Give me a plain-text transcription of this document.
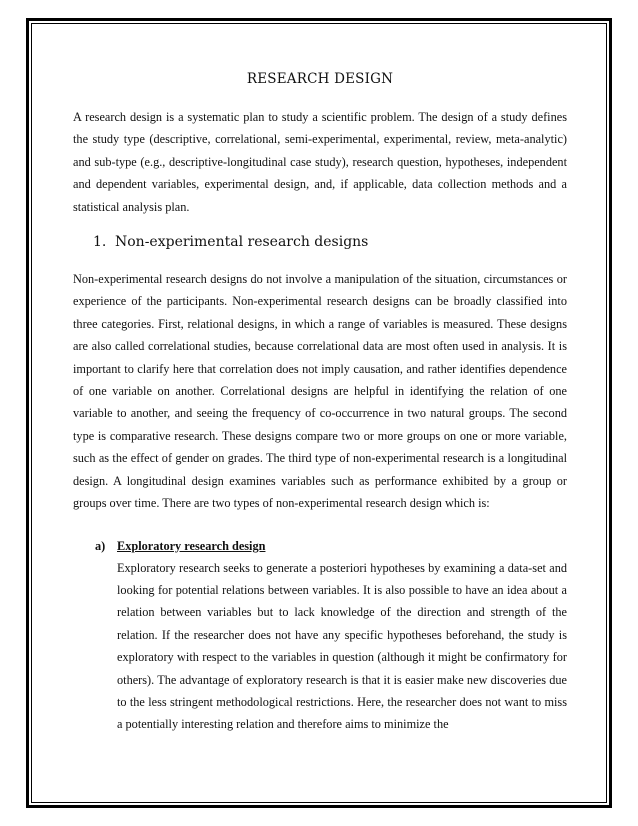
RESEARCH DESIGN

A research design is a systematic plan to study a scientific problem. The design of a study defines the study type (descriptive, correlational, semi-experimental, experimental, review, meta-analytic) and sub-type (e.g., descriptive-longitudinal case study), research question, hypotheses, independent and dependent variables, experimental design, and, if applicable, data collection methods and a statistical analysis plan.

1. Non-experimental research designs

Non-experimental research designs do not involve a manipulation of the situation, circumstances or experience of the participants. Non-experimental research designs can be broadly classified into three categories. First, relational designs, in which a range of variables is measured. These designs are also called correlational studies, because correlational data are most often used in analysis. It is important to clarify here that correlation does not imply causation, and rather identifies dependence of one variable on another. Correlational designs are helpful in identifying the relation of one variable to another, and seeing the frequency of co-occurrence in two natural groups. The second type is comparative research. These designs compare two or more groups on one or more variable, such as the effect of gender on grades. The third type of non-experimental research is a longitudinal design. A longitudinal design examines variables such as performance exhibited by a group or groups over time. There are two types of non-experimental research design which is:

a) Exploratory research design

Exploratory research seeks to generate a posteriori hypotheses by examining a data-set and looking for potential relations between variables. It is also possible to have an idea about a relation between variables but to lack knowledge of the direction and strength of the relation. If the researcher does not have any specific hypotheses beforehand, the study is exploratory with respect to the variables in question (although it might be confirmatory for others). The advantage of exploratory research is that it is easier make new discoveries due to the less stringent methodological restrictions. Here, the researcher does not want to miss a potentially interesting relation and therefore aims to minimize the
